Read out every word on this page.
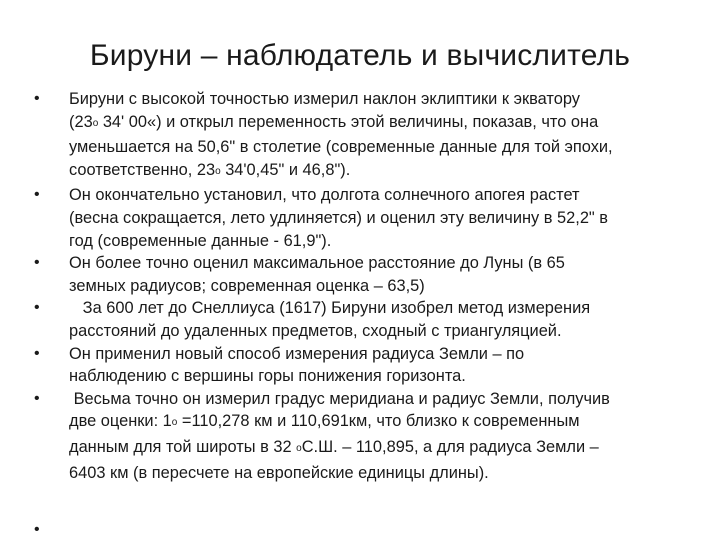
Бируни – наблюдатель и вычислитель
•	Бируни с высокой точностью измерил наклон эклиптики к экватору
(23o 34' 00«) и открыл переменность этой величины, показав, что она
уменьшается на 50,6" в столетие (современные данные для той эпохи,
соответственно, 23o 34'0,45" и 46,8").
•	Он окончательно установил, что долгота солнечного апогея растет
(весна сокращается, лето удлиняется) и оценил эту величину в 52,2" в
год (современные данные - 61,9").
•	Он более точно оценил максимальное расстояние до Луны (в 65
земных радиусов; современная оценка – 63,5)
•	За 600 лет до Снеллиуса (1617) Бируни изобрел метод измерения
расстояний до удаленных предметов, сходный с триангуляцией.
•	Он применил новый способ измерения радиуса Земли – по
наблюдению с вершины горы понижения горизонта.
•	Весьма точно он измерил градус меридиана и радиус Земли, получив
две оценки: 1o =110,278 км и 110,691км, что близко к современным
данным для той широты в 32 oС.Ш. – 110,895, а для радиуса Земли –
6403 км (в пересчете на европейские единицы длины).
•
